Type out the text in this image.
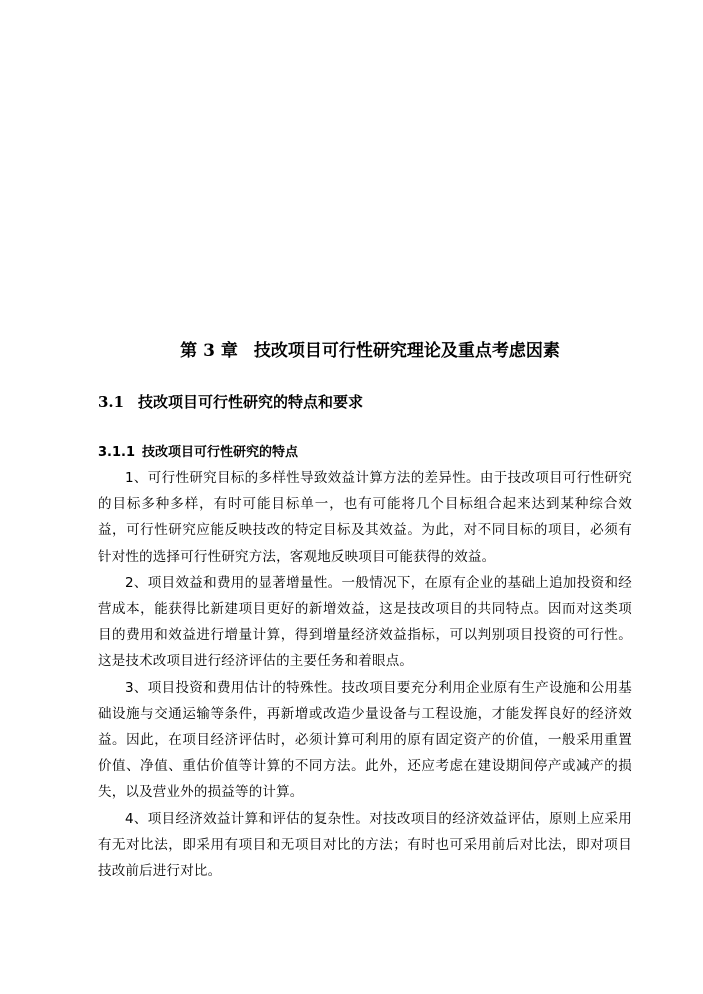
第 3 章 技改项目可行性研究理论及重点考虑因素
3.1 技改项目可行性研究的特点和要求
3.1.1 技改项目可行性研究的特点

1、可行性研究目标的多样性导致效益计算方法的差异性。由于技改项目可行性研究的目标多种多样，有时可能目标单一，也有可能将几个目标组合起来达到某种综合效益，可行性研究应能反映技改的特定目标及其效益。为此，对不同目标的项目，必须有针对性的选择可行性研究方法，客观地反映项目可能获得的效益。

2、项目效益和费用的显著增量性。一般情况下，在原有企业的基础上追加投资和经营成本，能获得比新建项目更好的新增效益，这是技改项目的共同特点。因而对这类项目的费用和效益进行增量计算，得到增量经济效益指标，可以判别项目投资的可行性。这是技术改项目进行经济评估的主要任务和着眼点。

3、项目投资和费用估计的特殊性。技改项目要充分利用企业原有生产设施和公用基础设施与交通运输等条件，再新增或改造少量设备与工程设施，才能发挥良好的经济效益。因此，在项目经济评估时，必须计算可利用的原有固定资产的价值，一般采用重置价值、净值、重估价值等计算的不同方法。此外，还应考虑在建设期间停产或减产的损失，以及营业外的损益等的计算。

4、项目经济效益计算和评估的复杂性。对技改项目的经济效益评估，原则上应采用有无对比法，即采用有项目和无项目对比的方法；有时也可采用前后对比法，即对项目技改前后进行对比。
